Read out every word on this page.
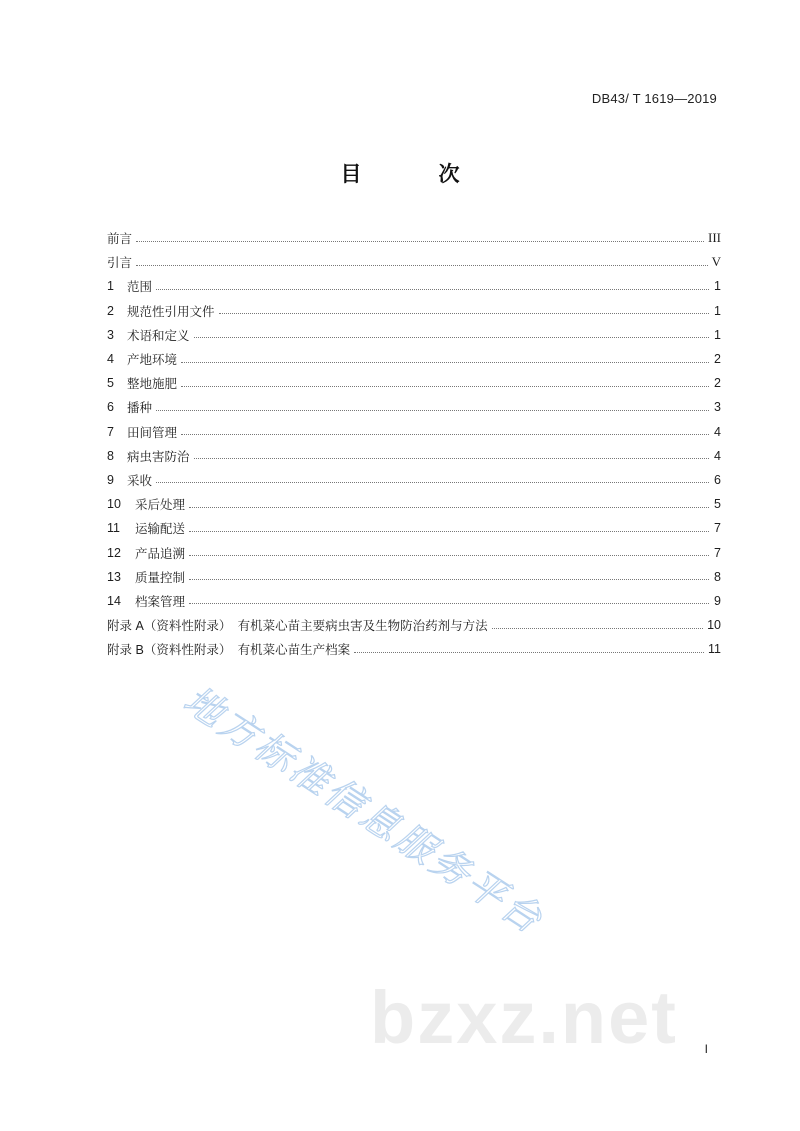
DB43/ T 1619—2019
目　次
前言	III
引言	V
1	范围	1
2	规范性引用文件	1
3	术语和定义	1
4	产地环境	2
5	整地施肥	2
6	播种	3
7	田间管理	4
8	病虫害防治	4
9	采收	6
10	采后处理	5
11	运输配送	7
12	产品追溯	7
13	质量控制	8
14	档案管理	9
附录 A （资料性附录）　有机菜心苗主要病虫害及生物防治药剂与方法	10
附录 B （资料性附录）　有机菜心苗生产档案	11
地方标准信息服务平台
bzxz.net I
